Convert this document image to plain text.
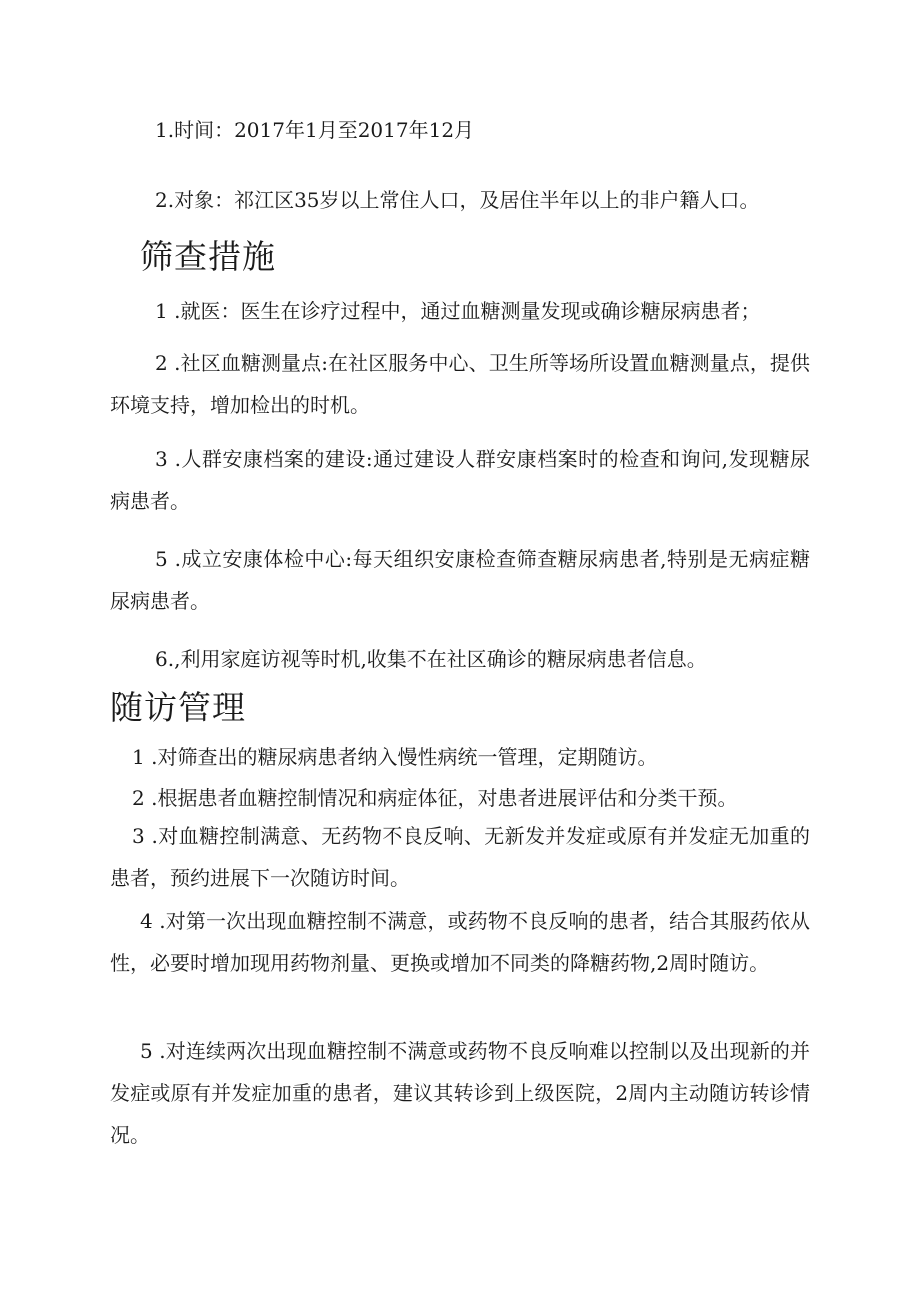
1.时间：2017年1月至2017年12月
2.对象：祁江区35岁以上常住人口，及居住半年以上的非户籍人口。
筛查措施
1 .就医：医生在诊疗过程中，通过血糖测量发现或确诊糖尿病患者；
2 .社区血糖测量点:在社区服务中心、卫生所等场所设置血糖测量点，提供环境支持，增加检出的时机。
3 .人群安康档案的建设:通过建设人群安康档案时的检查和询问,发现糖尿病患者。
5 .成立安康体检中心:每天组织安康检查筛查糖尿病患者,特别是无病症糖尿病患者。
6.,利用家庭访视等时机,收集不在社区确诊的糖尿病患者信息。
随访管理
1 .对筛查出的糖尿病患者纳入慢性病统一管理，定期随访。
2 .根据患者血糖控制情况和病症体征，对患者进展评估和分类干预。
3 .对血糖控制满意、无药物不良反响、无新发并发症或原有并发症无加重的患者，预约进展下一次随访时间。
4 .对第一次出现血糖控制不满意，或药物不良反响的患者，结合其服药依从性，必要时增加现用药物剂量、更换或增加不同类的降糖药物,2周时随访。
5 .对连续两次出现血糖控制不满意或药物不良反响难以控制以及出现新的并发症或原有并发症加重的患者，建议其转诊到上级医院，2周内主动随访转诊情况。
